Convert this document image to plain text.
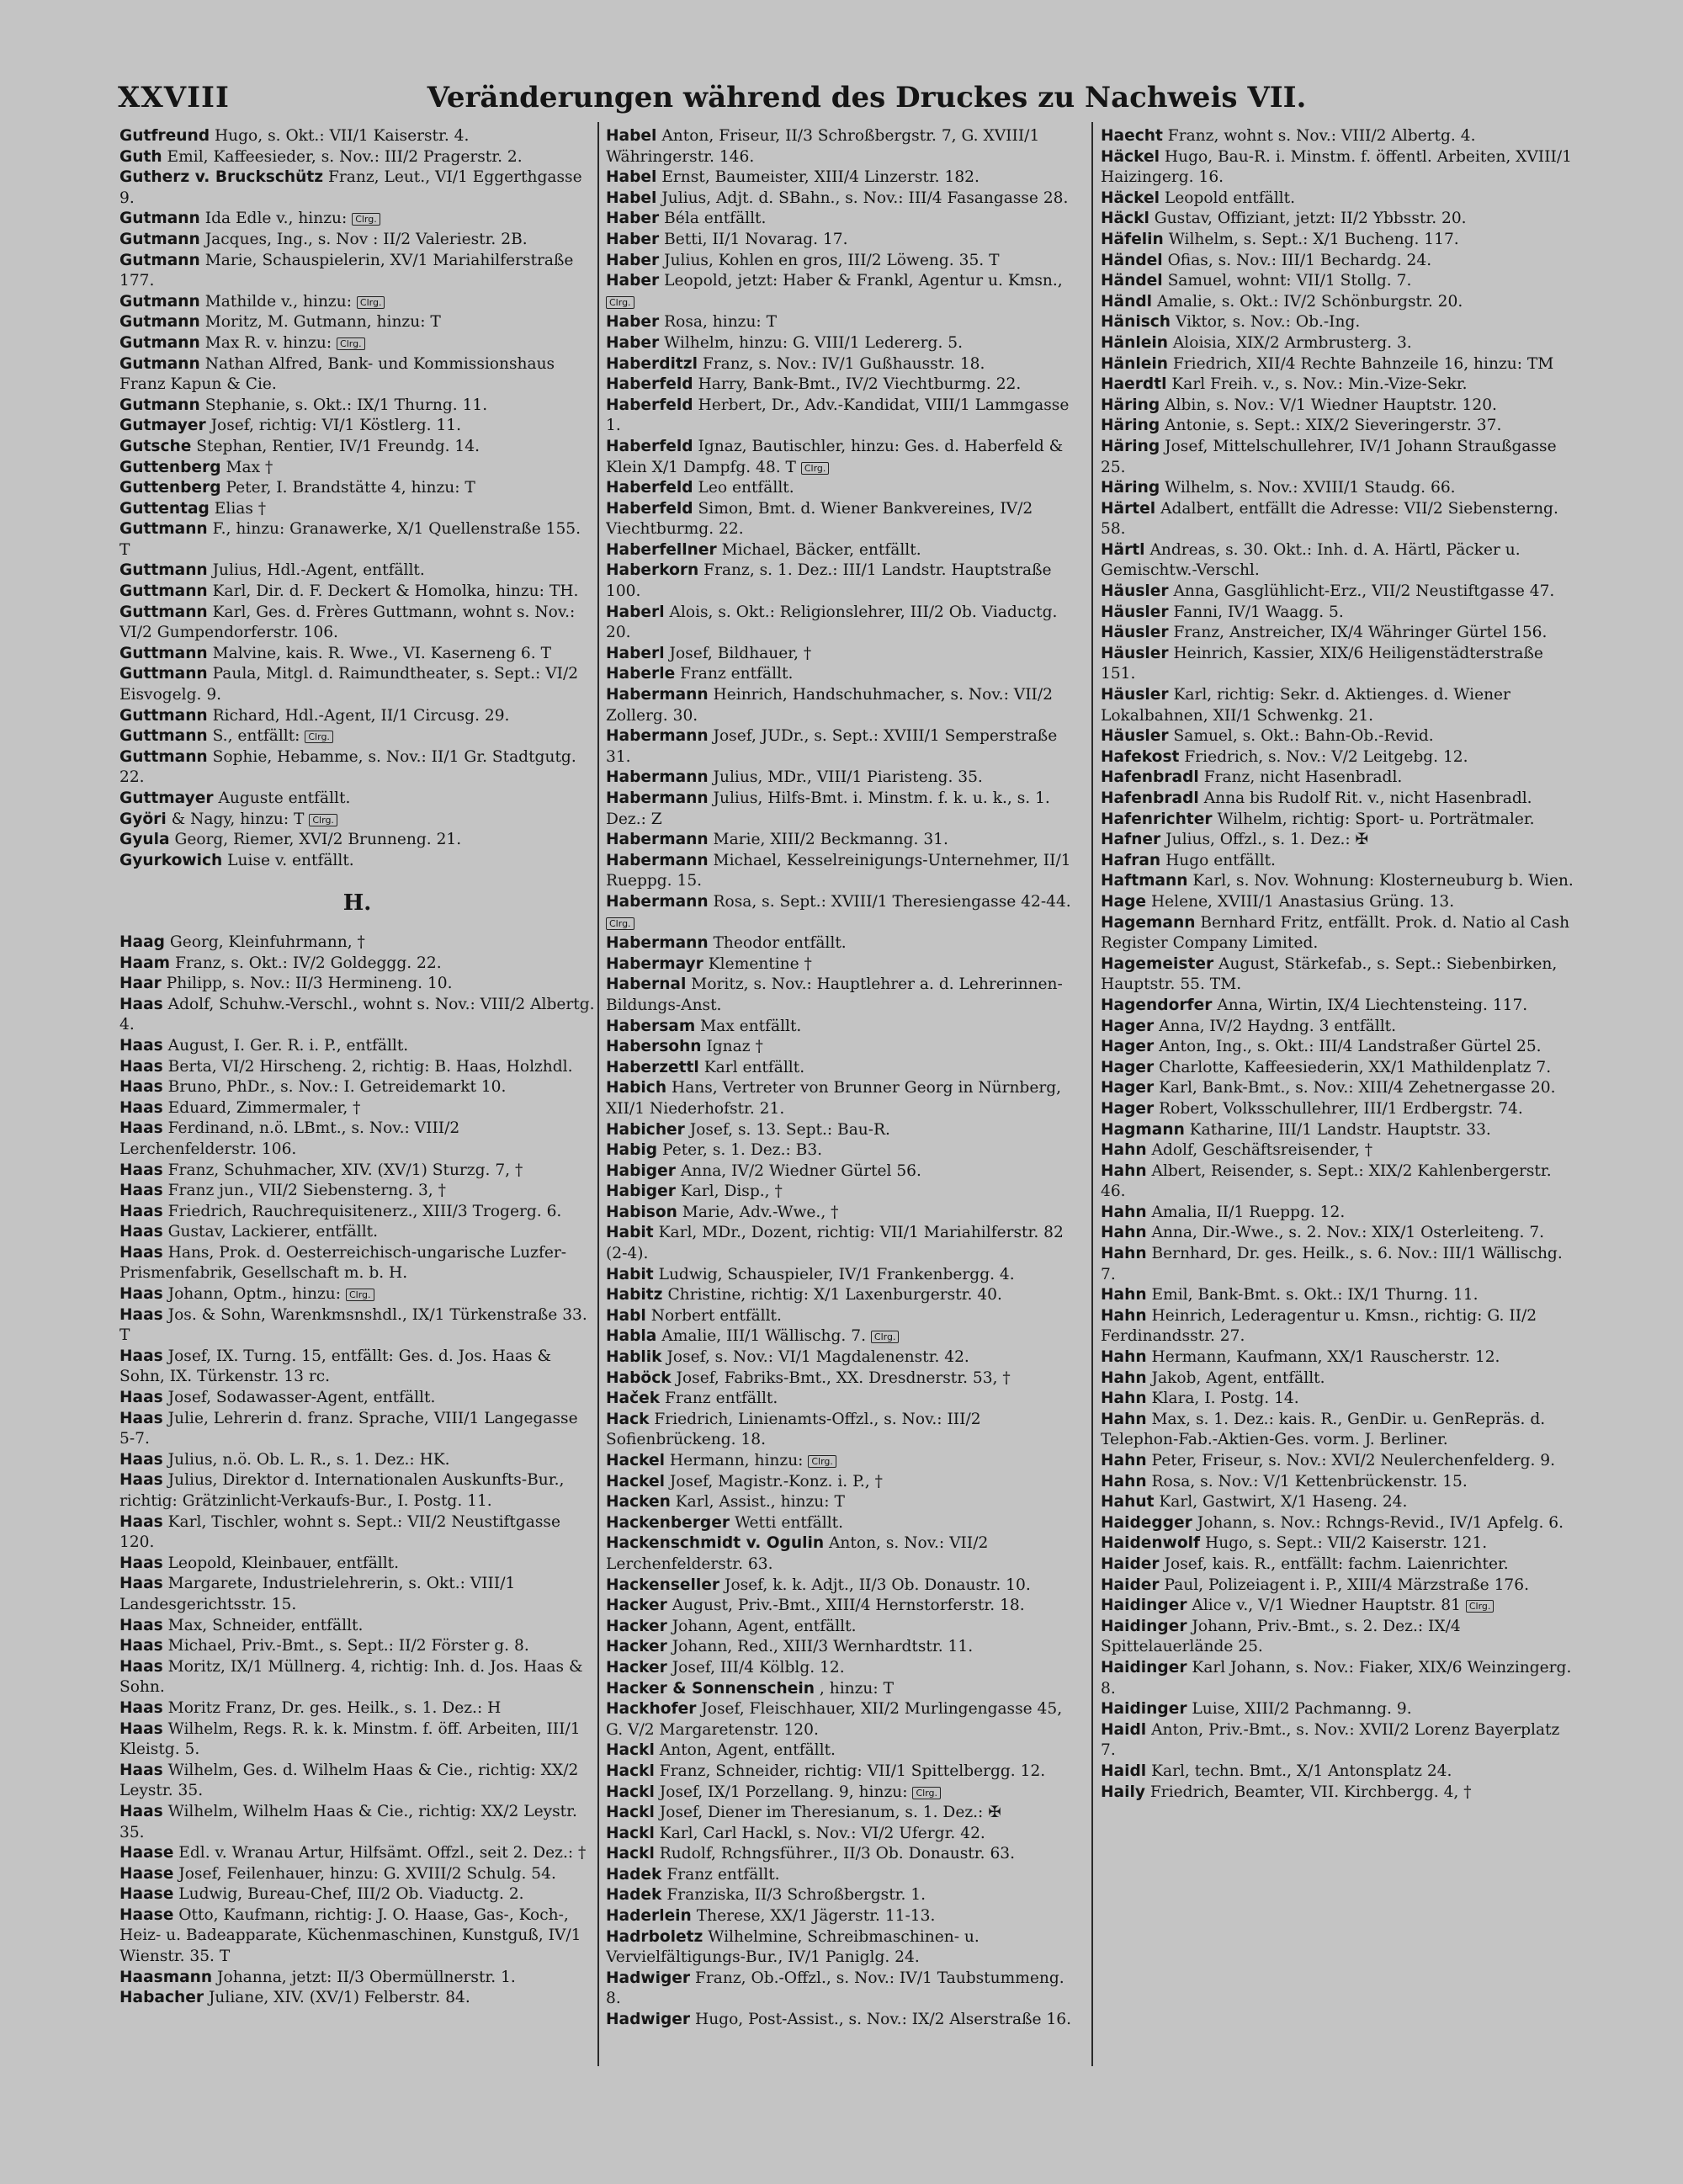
XXVIII	Veränderungen während des Druckes zu Nachweis VII.
Gutfreund Hugo, s. Okt.: VII/1 Kaiserstr. 4.
Guth Emil, Kaffeesieder, s. Nov.: III/2 Pragerstr. 2.
Gutherz v. Bruckschütz Franz, Leut., VI/1 Eggerthgasse 9.
Gutmann Ida Edle v., hinzu: Clrg.
Gutmann Jacques, Ing., s. Nov : II/2 Valeriestr. 2B.
Gutmann Marie, Schauspielerin, XV/1 Mariahilferstraße 177.
Gutmann Mathilde v., hinzu: Clrg.
Gutmann Moritz, M. Gutmann, hinzu: T
Gutmann Max R. v. hinzu: Clrg.
Gutmann Nathan Alfred, Bank- und Kommissionshaus Franz Kapun & Cie.
Gutmann Stephanie, s. Okt.: IX/1 Thurng. 11.
Gutmayer Josef, richtig: VI/1 Köstlerg. 11.
Gutsche Stephan, Rentier, IV/1 Freundg. 14.
Guttenberg Max †
Guttenberg Peter, I. Brandstätte 4, hinzu: T
Guttentag Elias †
Guttmann F., hinzu: Granawerke, X/1 Quellenstraße 155. T
Guttmann Julius, Hdl.-Agent, entfällt.
Guttmann Karl, Dir. d. F. Deckert & Homolka, hinzu: TH.
Guttmann Karl, Ges. d. Frères Guttmann, wohnt s. Nov.: VI/2 Gumpendorferstr. 106.
Guttmann Malvine, kais. R. Wwe., VI. Kaserneng 6. T
Guttmann Paula, Mitgl. d. Raimundtheater, s. Sept.: VI/2 Eisvogelg. 9.
Guttmann Richard, Hdl.-Agent, II/1 Circusg. 29.
Guttmann S., entfällt: Clrg.
Guttmann Sophie, Hebamme, s. Nov.: II/1 Gr. Stadtgutg. 22.
Guttmayer Auguste entfällt.
Györi & Nagy, hinzu: T Clrg.
Gyula Georg, Riemer, XVI/2 Brunneng. 21.
Gyurkowich Luise v. entfällt.
H.
Haag Georg, Kleinfuhrmann, †
Haam Franz, s. Okt.: IV/2 Goldeggg. 22.
Haar Philipp, s. Nov.: II/3 Hermineng. 10.
Haas Adolf, Schuhw.-Verschl., wohnt s. Nov.: VIII/2 Albertg. 4.
Haas August, I. Ger. R. i. P., entfällt.
Haas Berta, VI/2 Hirscheng. 2, richtig: B. Haas, Holzhdl.
Haas Bruno, PhDr., s. Nov.: I. Getreidemarkt 10.
Haas Eduard, Zimmermaler, †
Haas Ferdinand, n.ö. LBmt., s. Nov.: VIII/2 Lerchenfelderstr. 106.
Haas Franz, Schuhmacher, XIV. (XV/1) Sturzg. 7, †
Haas Franz jun., VII/2 Siebensterng. 3, †
Haas Friedrich, Rauchrequisitenerz., XIII/3 Trogerg. 6.
Haas Gustav, Lackierer, entfällt.
Haas Hans, Prok. d. Oesterreichisch-ungarische Luzfer-Prismenfabrik, Gesellschaft m. b. H.
Haas Johann, Optm., hinzu: Clrg.
Haas Jos. & Sohn, Warenkmsnshdl., IX/1 Türkenstraße 33. T
Haas Josef, IX. Turng. 15, entfällt: Ges. d. Jos. Haas & Sohn, IX. Türkenstr. 13 rc.
Haas Josef, Sodawasser-Agent, entfällt.
Haas Julie, Lehrerin d. franz. Sprache, VIII/1 Langegasse 5-7.
Haas Julius, n.ö. Ob. L. R., s. 1. Dez.: HK.
Haas Julius, Direktor d. Internationalen Auskunfts-Bur., richtig: Grätzinlicht-Verkaufs-Bur., I. Postg. 11.
Haas Karl, Tischler, wohnt s. Sept.: VII/2 Neustiftgasse 120.
Haas Leopold, Kleinbauer, entfällt.
Haas Margarete, Industrielehrerin, s. Okt.: VIII/1 Landesgerichtsstr. 15.
Haas Max, Schneider, entfällt.
Haas Michael, Priv.-Bmt., s. Sept.: II/2 Förster g. 8.
Haas Moritz, IX/1 Müllnerg. 4, richtig: Inh. d. Jos. Haas & Sohn.
Haas Moritz Franz, Dr. ges. Heilk., s. 1. Dez.: H
Haas Wilhelm, Regs. R. k. k. Minstm. f. öff. Arbeiten, III/1 Kleistg. 5.
Haas Wilhelm, Ges. d. Wilhelm Haas & Cie., richtig: XX/2 Leystr. 35.
Haas Wilhelm, Wilhelm Haas & Cie., richtig: XX/2 Leystr. 35.
Haase Edl. v. Wranau Artur, Hilfsämt. Offzl., seit 2. Dez.: †
Haase Josef, Feilenhauer, hinzu: G. XVIII/2 Schulg. 54.
Haase Ludwig, Bureau-Chef, III/2 Ob. Viaductg. 2.
Haase Otto, Kaufmann, richtig: J. O. Haase, Gas-, Koch-, Heiz- u. Badeapparate, Küchenmaschinen, Kunstguß, IV/1 Wienstr. 35. T
Haasmann Johanna, jetzt: II/3 Obermüllnerstr. 1.
Habacher Juliane, XIV. (XV/1) Felberstr. 84.
Habel Anton, Friseur, II/3 Schroßbergstr. 7, G. XVIII/1 Währingerstr. 146.
Habel Ernst, Baumeister, XIII/4 Linzerstr. 182.
Habel Julius, Adjt. d. SBahn., s. Nov.: III/4 Fasangasse 28.
Haber Béla entfällt.
Haber Betti, II/1 Novarag. 17.
Haber Julius, Kohlen en gros, III/2 Löweng. 35. T
Haber Leopold, jetzt: Haber & Frankl, Agentur u. Kmsn., Clrg.
Haber Rosa, hinzu: T
Haber Wilhelm, hinzu: G. VIII/1 Ledererg. 5.
Haberditzl Franz, s. Nov.: IV/1 Gußhausstr. 18.
Haberfeld Harry, Bank-Bmt., IV/2 Viechtburmg. 22.
Haberfeld Herbert, Dr., Adv.-Kandidat, VIII/1 Lammgasse 1.
Haberfeld Ignaz, Bautischler, hinzu: Ges. d. Haberfeld & Klein X/1 Dampfg. 48. T Clrg.
Haberfeld Leo entfällt.
Haberfeld Simon, Bmt. d. Wiener Bankvereines, IV/2 Viechtburmg. 22.
Haberfellner Michael, Bäcker, entfällt.
Haberkorn Franz, s. 1. Dez.: III/1 Landstr. Hauptstraße 100.
Haberl Alois, s. Okt.: Religionslehrer, III/2 Ob. Viaductg. 20.
Haberl Josef, Bildhauer, †
Haberle Franz entfällt.
Habermann Heinrich, Handschuhmacher, s. Nov.: VII/2 Zollerg. 30.
Habermann Josef, JUDr., s. Sept.: XVIII/1 Semperstraße 31.
Habermann Julius, MDr., VIII/1 Piaristeng. 35.
Habermann Julius, Hilfs-Bmt. i. Minstm. f. k. u. k., s. 1. Dez.: Z
Habermann Marie, XIII/2 Beckmanng. 31.
Habermann Michael, Kesselreinigungs-Unternehmer, II/1 Rueppg. 15.
Habermann Rosa, s. Sept.: XVIII/1 Theresiengasse 42-44. Clrg.
Habermann Theodor entfällt.
Habermayr Klementine †
Habernal Moritz, s. Nov.: Hauptlehrer a. d. Lehrerinnen-Bildungs-Anst.
Habersam Max entfällt.
Habersohn Ignaz †
Haberzettl Karl entfällt.
Habich Hans, Vertreter von Brunner Georg in Nürnberg, XII/1 Niederhofstr. 21.
Habicher Josef, s. 13. Sept.: Bau-R.
Habig Peter, s. 1. Dez.: B3.
Habiger Anna, IV/2 Wiedner Gürtel 56.
Habiger Karl, Disp., †
Habison Marie, Adv.-Wwe., †
Habit Karl, MDr., Dozent, richtig: VII/1 Mariahilferstr. 82 (2-4).
Habit Ludwig, Schauspieler, IV/1 Frankenbergg. 4.
Habitz Christine, richtig: X/1 Laxenburgerstr. 40.
Habl Norbert entfällt.
Habla Amalie, III/1 Wällischg. 7. Clrg.
Hablik Josef, s. Nov.: VI/1 Magdalenenstr. 42.
Haböck Josef, Fabriks-Bmt., XX. Dresdnerstr. 53, †
Haček Franz entfällt.
Hack Friedrich, Linienamts-Offzl., s. Nov.: III/2 Sofienbrückeng. 18.
Hackel Hermann, hinzu: Clrg.
Hackel Josef, Magistr.-Konz. i. P., †
Hacken Karl, Assist., hinzu: T
Hackenberger Wetti entfällt.
Hackenschmidt v. Ogulin Anton, s. Nov.: VII/2 Lerchenfelderstr. 63.
Hackenseller Josef, k. k. Adjt., II/3 Ob. Donaustr. 10.
Hacker August, Priv.-Bmt., XIII/4 Hernstorferstr. 18.
Hacker Johann, Agent, entfällt.
Hacker Johann, Red., XIII/3 Wernhardtstr. 11.
Hacker Josef, III/4 Kölblg. 12.
Hacker & Sonnenschein , hinzu: T
Hackhofer Josef, Fleischhauer, XII/2 Murlingengasse 45, G. V/2 Margaretenstr. 120.
Hackl Anton, Agent, entfällt.
Hackl Franz, Schneider, richtig: VII/1 Spittelbergg. 12.
Hackl Josef, IX/1 Porzellang. 9, hinzu: Clrg.
Hackl Josef, Diener im Theresianum, s. 1. Dez.: ✠
Hackl Karl, Carl Hackl, s. Nov.: VI/2 Ufergr. 42.
Hackl Rudolf, Rchngsführer., II/3 Ob. Donaustr. 63.
Hadek Franz entfällt.
Hadek Franziska, II/3 Schroßbergstr. 1.
Haderlein Therese, XX/1 Jägerstr. 11-13.
Hadrboletz Wilhelmine, Schreibmaschinen- u. Vervielfältigungs-Bur., IV/1 Paniglg. 24.
Hadwiger Franz, Ob.-Offzl., s. Nov.: IV/1 Taubstummeng. 8.
Hadwiger Hugo, Post-Assist., s. Nov.: IX/2 Alserstraße 16.
Haecht Franz, wohnt s. Nov.: VIII/2 Albertg. 4.
Häckel Hugo, Bau-R. i. Minstm. f. öffentl. Arbeiten, XVIII/1 Haizingerg. 16.
Häckel Leopold entfällt.
Häckl Gustav, Offiziant, jetzt: II/2 Ybbsstr. 20.
Häfelin Wilhelm, s. Sept.: X/1 Bucheng. 117.
Händel Ofias, s. Nov.: III/1 Bechardg. 24.
Händel Samuel, wohnt: VII/1 Stollg. 7.
Händl Amalie, s. Okt.: IV/2 Schönburgstr. 20.
Hänisch Viktor, s. Nov.: Ob.-Ing.
Hänlein Aloisia, XIX/2 Armbrusterg. 3.
Hänlein Friedrich, XII/4 Rechte Bahnzeile 16, hinzu: TM
Haerdtl Karl Freih. v., s. Nov.: Min.-Vize-Sekr.
Häring Albin, s. Nov.: V/1 Wiedner Hauptstr. 120.
Häring Antonie, s. Sept.: XIX/2 Sieveringerstr. 37.
Häring Josef, Mittelschullehrer, IV/1 Johann Straußgasse 25.
Häring Wilhelm, s. Nov.: XVIII/1 Staudg. 66.
Härtel Adalbert, entfällt die Adresse: VII/2 Siebensterng. 58.
Härtl Andreas, s. 30. Okt.: Inh. d. A. Härtl, Päcker u. Gemischtw.-Verschl.
Häusler Anna, Gasglühlicht-Erz., VII/2 Neustiftgasse 47.
Häusler Fanni, IV/1 Waagg. 5.
Häusler Franz, Anstreicher, IX/4 Währinger Gürtel 156.
Häusler Heinrich, Kassier, XIX/6 Heiligenstädterstraße 151.
Häusler Karl, richtig: Sekr. d. Aktienges. d. Wiener Lokalbahnen, XII/1 Schwenkg. 21.
Häusler Samuel, s. Okt.: Bahn-Ob.-Revid.
Hafekost Friedrich, s. Nov.: V/2 Leitgebg. 12.
Hafenbradl Franz, nicht Hasenbradl.
Hafenbradl Anna bis Rudolf Rit. v., nicht Hasenbradl.
Hafenrichter Wilhelm, richtig: Sport- u. Porträtmaler.
Hafner Julius, Offzl., s. 1. Dez.: ✠
Hafran Hugo entfällt.
Haftmann Karl, s. Nov. Wohnung: Klosterneuburg b. Wien.
Hage Helene, XVIII/1 Anastasius Grüng. 13.
Hagemann Bernhard Fritz, entfällt. Prok. d. Natio al Cash Register Company Limited.
Hagemeister August, Stärkefab., s. Sept.: Siebenbirken, Hauptstr. 55. TM.
Hagendorfer Anna, Wirtin, IX/4 Liechtensteing. 117.
Hager Anna, IV/2 Haydng. 3 entfällt.
Hager Anton, Ing., s. Okt.: III/4 Landstraßer Gürtel 25.
Hager Charlotte, Kaffeesiederin, XX/1 Mathildenplatz 7.
Hager Karl, Bank-Bmt., s. Nov.: XIII/4 Zehetnergasse 20.
Hager Robert, Volksschullehrer, III/1 Erdbergstr. 74.
Hagmann Katharine, III/1 Landstr. Hauptstr. 33.
Hahn Adolf, Geschäftsreisender, †
Hahn Albert, Reisender, s. Sept.: XIX/2 Kahlenbergerstr. 46.
Hahn Amalia, II/1 Rueppg. 12.
Hahn Anna, Dir.-Wwe., s. 2. Nov.: XIX/1 Osterleiteng. 7.
Hahn Bernhard, Dr. ges. Heilk., s. 6. Nov.: III/1 Wällischg. 7.
Hahn Emil, Bank-Bmt. s. Okt.: IX/1 Thurng. 11.
Hahn Heinrich, Lederagentur u. Kmsn., richtig: G. II/2 Ferdinandsstr. 27.
Hahn Hermann, Kaufmann, XX/1 Rauscherstr. 12.
Hahn Jakob, Agent, entfällt.
Hahn Klara, I. Postg. 14.
Hahn Max, s. 1. Dez.: kais. R., GenDir. u. GenRepräs. d. Telephon-Fab.-Aktien-Ges. vorm. J. Berliner.
Hahn Peter, Friseur, s. Nov.: XVI/2 Neulerchenfelderg. 9.
Hahn Rosa, s. Nov.: V/1 Kettenbrückenstr. 15.
Hahut Karl, Gastwirt, X/1 Haseng. 24.
Haidegger Johann, s. Nov.: Rchngs-Revid., IV/1 Apfelg. 6.
Haidenwolf Hugo, s. Sept.: VII/2 Kaiserstr. 121.
Haider Josef, kais. R., entfällt: fachm. Laienrichter.
Haider Paul, Polizeiagent i. P., XIII/4 Märzstraße 176.
Haidinger Alice v., V/1 Wiedner Hauptstr. 81 Clrg.
Haidinger Johann, Priv.-Bmt., s. 2. Dez.: IX/4 Spittelauerlände 25.
Haidinger Karl Johann, s. Nov.: Fiaker, XIX/6 Weinzingerg. 8.
Haidinger Luise, XIII/2 Pachmanng. 9.
Haidl Anton, Priv.-Bmt., s. Nov.: XVII/2 Lorenz Bayerplatz 7.
Haidl Karl, techn. Bmt., X/1 Antonsplatz 24.
Haily Friedrich, Beamter, VII. Kirchbergg. 4, †
